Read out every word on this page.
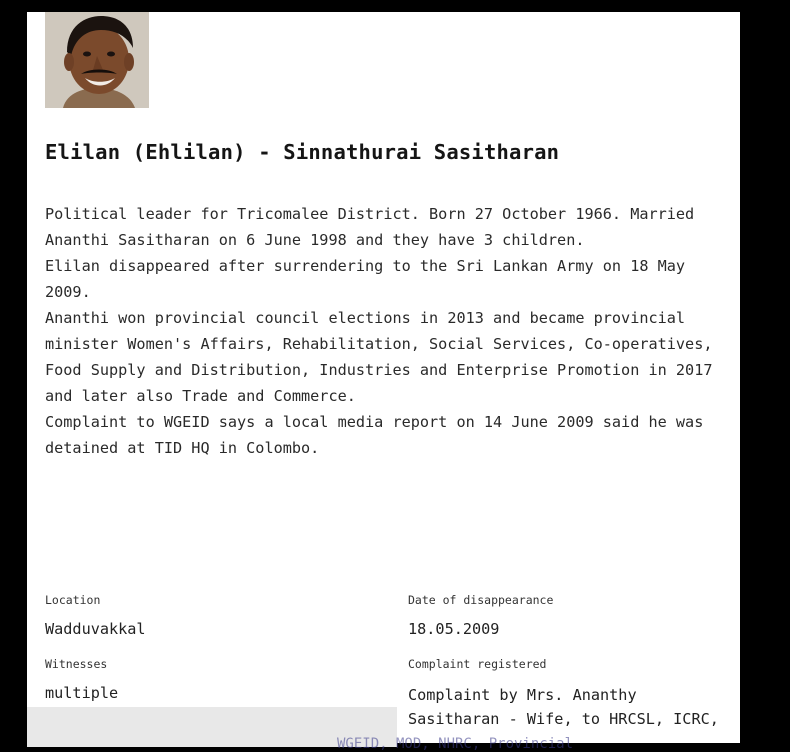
Elilan (Ehlilan) - Sinnathurai Sasitharan

Political leader for Tricomalee District. Born 27 October 1966. Married Ananthi Sasitharan on 6 June 1998 and they have 3 children.

Elilan disappeared after surrendering to the Sri Lankan Army on 18 May 2009.

Ananthi won provincial council elections in 2013 and became provincial minister Women's Affairs, Rehabilitation, Social Services, Co-operatives, Food Supply and Distribution, Industries and Enterprise Promotion in 2017 and later also Trade and Commerce.

Complaint to WGEID says a local media report on 14 June 2009 said he was detained at TID HQ in Colombo.

Location
Wadduvakkal
Date of disappearance
18.05.2009
Witnesses
multiple
Complaint registered
Complaint by Mrs. Ananthy Sasitharan - Wife, to HRCSL, ICRC,
WGEID, MOD, NHRC, Provincial
